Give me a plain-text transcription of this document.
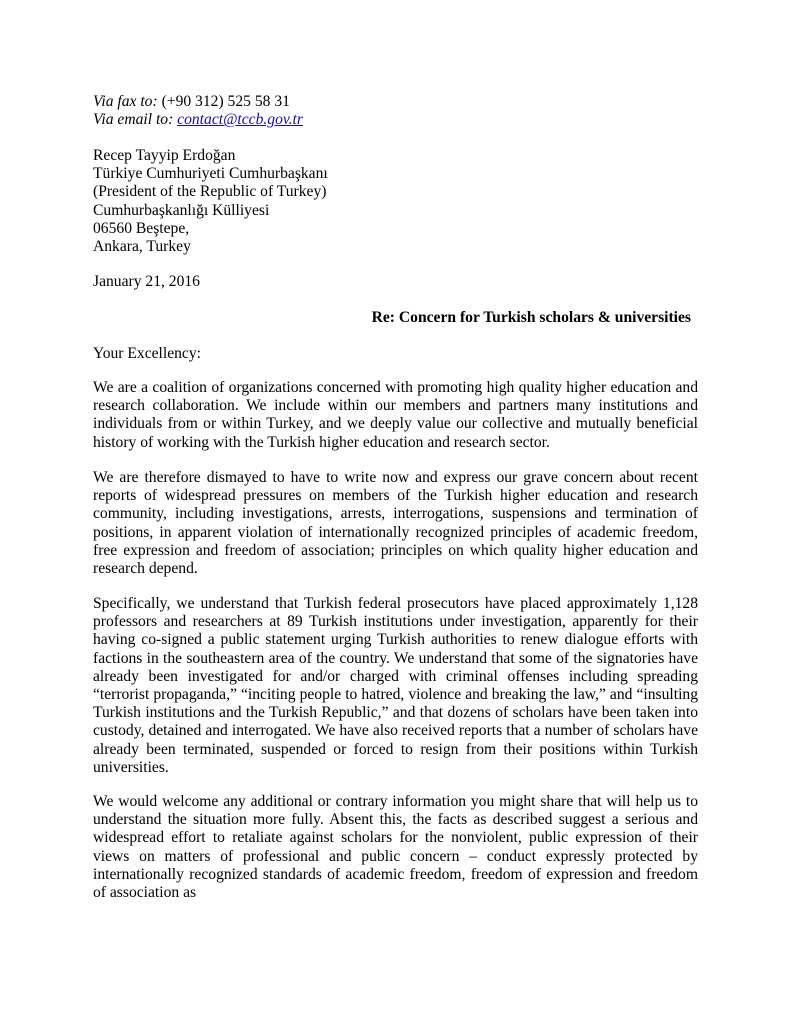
Via fax to: (+90 312) 525 58 31
Via email to: contact@tccb.gov.tr
Recep Tayyip Erdoğan
Türkiye Cumhuriyeti Cumhurbaşkanı
(President of the Republic of Turkey)
Cumhurbaşkanlığı Külliyesi
06560 Beştepe,
Ankara, Turkey
January 21, 2016

Re: Concern for Turkish scholars & universities

Your Excellency:

We are a coalition of organizations concerned with promoting high quality higher education and research collaboration. We include within our members and partners many institutions and individuals from or within Turkey, and we deeply value our collective and mutually beneficial history of working with the Turkish higher education and research sector.

We are therefore dismayed to have to write now and express our grave concern about recent reports of widespread pressures on members of the Turkish higher education and research community, including investigations, arrests, interrogations, suspensions and termination of positions, in apparent violation of internationally recognized principles of academic freedom, free expression and freedom of association; principles on which quality higher education and research depend.

Specifically, we understand that Turkish federal prosecutors have placed approximately 1,128 professors and researchers at 89 Turkish institutions under investigation, apparently for their having co-signed a public statement urging Turkish authorities to renew dialogue efforts with factions in the southeastern area of the country. We understand that some of the signatories have already been investigated for and/or charged with criminal offenses including spreading “terrorist propaganda,” “inciting people to hatred, violence and breaking the law,” and “insulting Turkish institutions and the Turkish Republic,” and that dozens of scholars have been taken into custody, detained and interrogated. We have also received reports that a number of scholars have already been terminated, suspended or forced to resign from their positions within Turkish universities.

We would welcome any additional or contrary information you might share that will help us to understand the situation more fully. Absent this, the facts as described suggest a serious and widespread effort to retaliate against scholars for the nonviolent, public expression of their views on matters of professional and public concern – conduct expressly protected by internationally recognized standards of academic freedom, freedom of expression and freedom of association as
